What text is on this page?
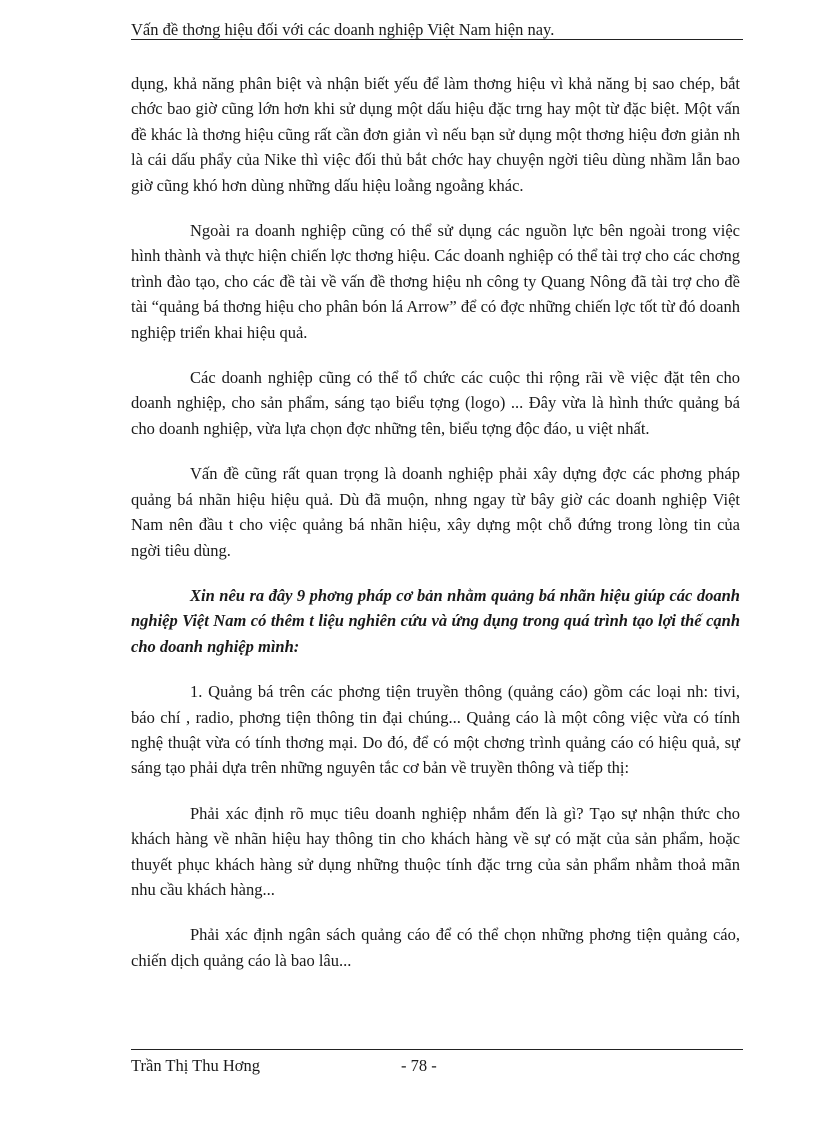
Vấn đề thơng hiệu đối với các doanh nghiệp Việt Nam hiện nay.

dụng, khả năng phân biệt và nhận biết yếu để làm thơng hiệu vì khả năng bị sao chép, bắt chớc bao giờ cũng lớn hơn khi sử dụng một dấu hiệu đặc trng hay một từ đặc biệt. Một vấn đề khác là thơng hiệu cũng rất cần đơn giản vì nếu bạn sử dụng một thơng hiệu đơn giản nh là cái dấu phẩy của Nike thì việc đối thủ bắt chớc hay chuyện ngời tiêu dùng nhầm lẫn bao giờ cũng khó hơn dùng những dấu hiệu loằng ngoằng khác.

Ngoài ra doanh nghiệp cũng có thể sử dụng các nguồn lực bên ngoài trong việc hình thành và thực hiện chiến lợc thơng hiệu. Các doanh nghiệp có thể tài trợ cho các chơng trình đào tạo, cho các đề tài về vấn đề thơng hiệu nh công ty Quang Nông đã tài trợ cho đề tài “quảng bá thơng hiệu cho phân bón lá Arrow” để có đợc những chiến lợc tốt từ đó doanh nghiệp triển khai hiệu quả.

Các doanh nghiệp cũng có thể tổ chức các cuộc thi rộng rãi về việc đặt tên cho doanh nghiệp, cho sản phẩm, sáng tạo biểu tợng (logo) ... Đây vừa là hình thức quảng bá cho doanh nghiệp, vừa lựa chọn đợc những tên, biểu tợng độc đáo, u việt nhất.

Vấn đề cũng rất quan trọng là doanh nghiệp phải xây dựng đợc các phơng pháp quảng bá nhãn hiệu hiệu quả. Dù đã muộn, nhng ngay từ bây giờ các doanh nghiệp Việt Nam nên đầu t cho việc quảng bá nhãn hiệu, xây dựng một chỗ đứng trong lòng tin của ngời tiêu dùng.

Xin nêu ra đây 9 phơng pháp cơ bản nhằm quảng bá nhãn hiệu giúp các doanh nghiệp Việt Nam có thêm t liệu nghiên cứu và ứng dụng trong quá trình tạo lợi thế cạnh cho doanh nghiệp mình:

1. Quảng bá trên các phơng tiện truyền thông (quảng cáo) gồm các loại nh: tivi, báo chí , radio, phơng tiện thông tin đại chúng... Quảng cáo là một công việc vừa có tính nghệ thuật vừa có tính thơng mại. Do đó, để có một chơng trình quảng cáo có hiệu quả, sự sáng tạo phải dựa trên những nguyên tắc cơ bản về truyền thông và tiếp thị:

Phải xác định rõ mục tiêu doanh nghiệp nhắm đến là gì? Tạo sự nhận thức cho khách hàng về nhãn hiệu hay thông tin cho khách hàng về sự có mặt của sản phẩm, hoặc thuyết phục khách hàng sử dụng những thuộc tính đặc trng của sản phẩm nhằm thoả mãn nhu cầu khách hàng...

Phải xác định ngân sách quảng cáo để có thể chọn những phơng tiện quảng cáo, chiến dịch quảng cáo là bao lâu...

Trần Thị Thu Hơng	- 78 -
